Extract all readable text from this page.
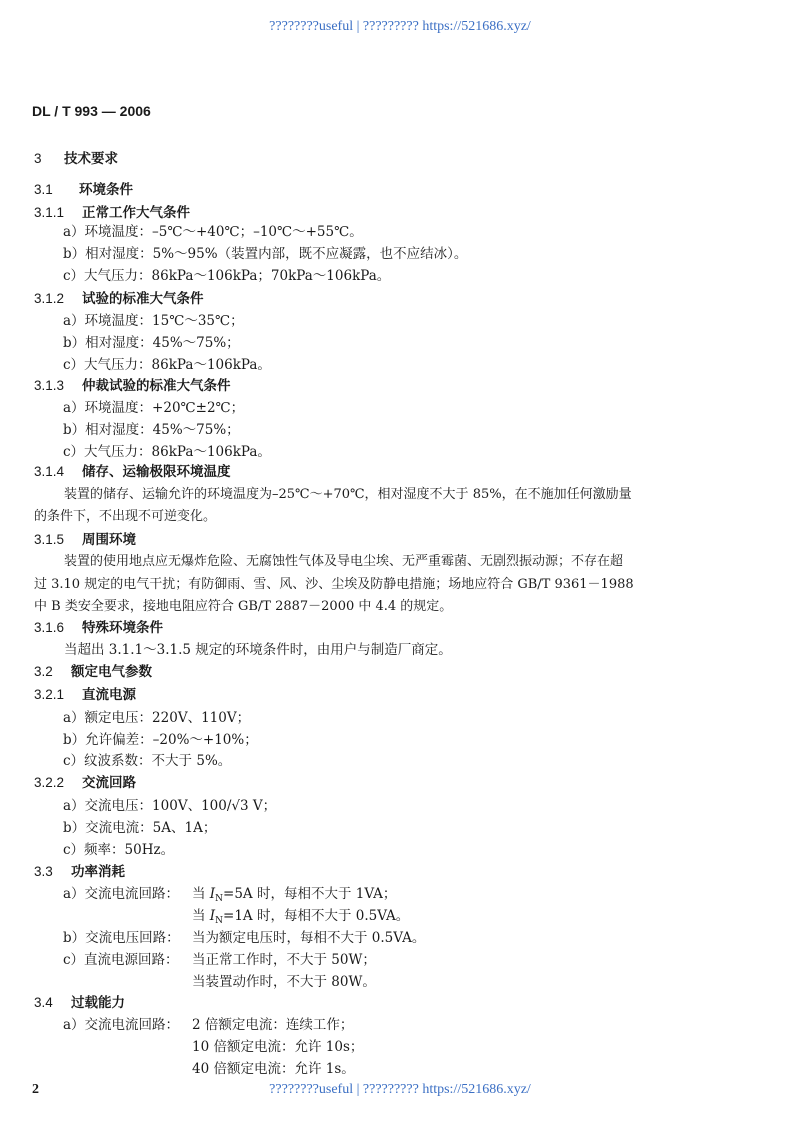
????????useful | ????????? https://521686.xyz/
DL / T 993 — 2006
3 技术要求
3.1 环境条件
3.1.1 正常工作大气条件
a）环境温度：–5℃～+40℃；–10℃～+55℃。
b）相对湿度：5%～95%（装置内部，既不应凝露，也不应结冰）。
c）大气压力：86kPa～106kPa；70kPa～106kPa。
3.1.2 试验的标准大气条件
a）环境温度：15℃～35℃；
b）相对湿度：45%～75%；
c）大气压力：86kPa～106kPa。
3.1.3 仲裁试验的标准大气条件
a）环境温度：+20℃±2℃；
b）相对湿度：45%～75%；
c）大气压力：86kPa～106kPa。
3.1.4 储存、运输极限环境温度
装置的储存、运输允许的环境温度为–25℃～+70℃，相对湿度不大于 85%，在不施加任何激励量
的条件下，不出现不可逆变化。
3.1.5 周围环境
装置的使用地点应无爆炸危险、无腐蚀性气体及导电尘埃、无严重霉菌、无剧烈振动源；不存在超
过 3.10 规定的电气干扰；有防御雨、雪、风、沙、尘埃及防静电措施；场地应符合 GB/T 9361－1988
中 B 类安全要求，接地电阻应符合 GB/T 2887－2000 中 4.4 的规定。
3.1.6 特殊环境条件
当超出 3.1.1～3.1.5 规定的环境条件时，由用户与制造厂商定。
3.2 额定电气参数
3.2.1 直流电源
a）额定电压：220V、110V；
b）允许偏差：–20%～+10%；
c）纹波系数：不大于 5%。
3.2.2 交流回路
a）交流电压：100V、100/√3 V；
b）交流电流：5A、1A；
c）频率：50Hz。
3.3 功率消耗
a）交流电流回路： 当 $I_N=5A$ 时，每相不大于 1VA；
当 $I_N=1A$ 时，每相不大于 0.5VA。
b）交流电压回路： 当为额定电压时，每相不大于 0.5VA。
c）直流电源回路： 当正常工作时，不大于 50W；
当装置动作时，不大于 80W。
3.4 过载能力
a）交流电流回路： 2 倍额定电流：连续工作；
10 倍额定电流：允许 10s；
40 倍额定电流：允许 1s。
2	????????useful | ????????? https://521686.xyz/
